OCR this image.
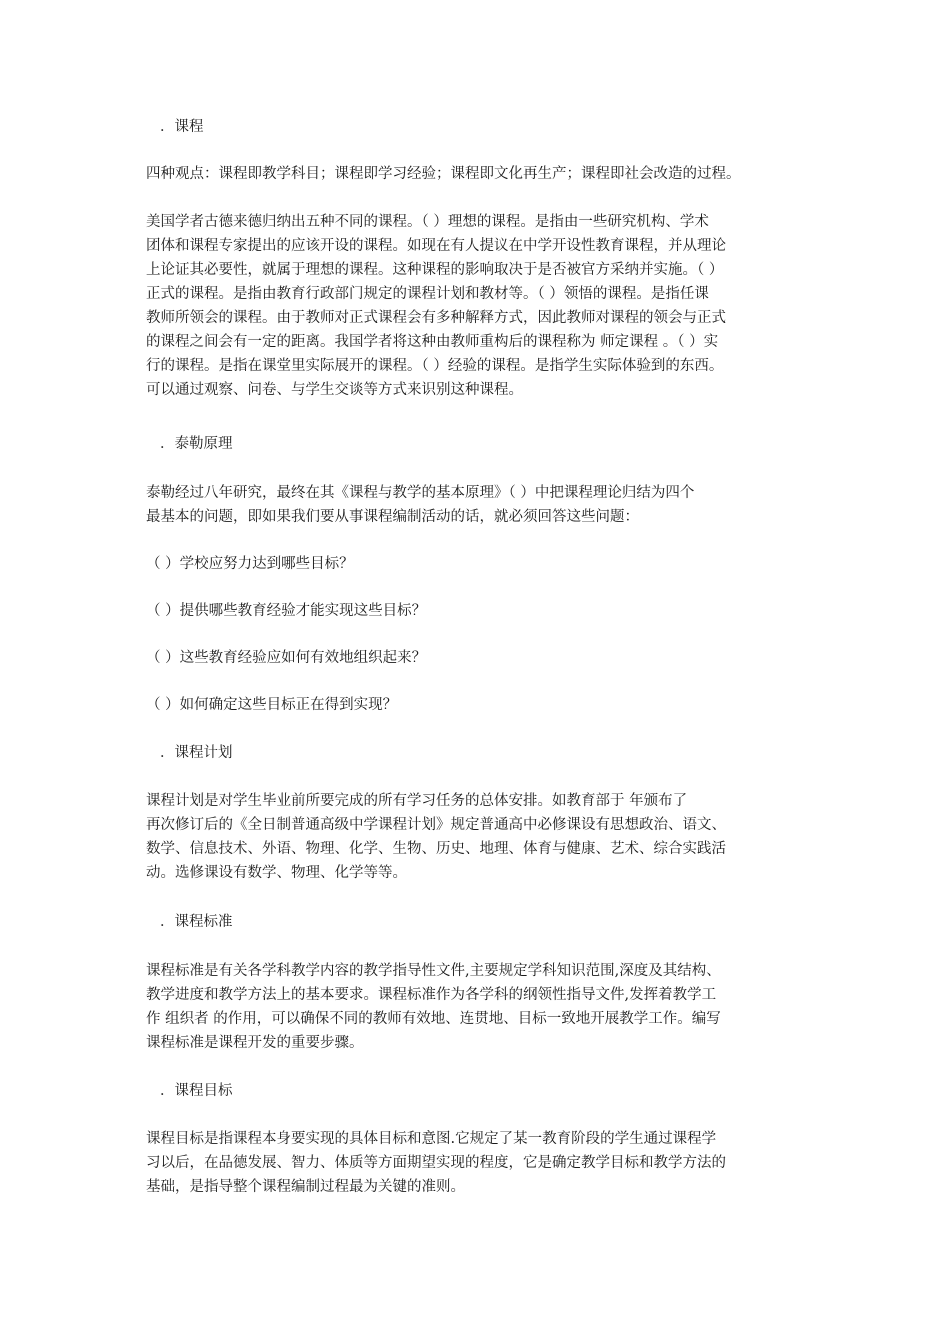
．课程

四种观点：课程即教学科目；课程即学习经验；课程即文化再生产；课程即社会改造的过程。

美国学者古德来德归纳出五种不同的课程。（ ）理想的课程。是指由一些研究机构、学术
团体和课程专家提出的应该开设的课程。如现在有人提议在中学开设性教育课程，并从理论
上论证其必要性，就属于理想的课程。这种课程的影响取决于是否被官方采纳并实施。（ ）
正式的课程。是指由教育行政部门规定的课程计划和教材等。（ ）领悟的课程。是指任课
教师所领会的课程。由于教师对正式课程会有多种解释方式，因此教师对课程的领会与正式
的课程之间会有一定的距离。我国学者将这种由教师重构后的课程称为 师定课程 。（ ）实
行的课程。是指在课堂里实际展开的课程。（ ）经验的课程。是指学生实际体验到的东西。
可以通过观察、问卷、与学生交谈等方式来识别这种课程。

．泰勒原理

泰勒经过八年研究，最终在其《课程与教学的基本原理》（ ）中把课程理论归结为四个
最基本的问题，即如果我们要从事课程编制活动的话，就必须回答这些问题：

（ ）学校应努力达到哪些目标？

（ ）提供哪些教育经验才能实现这些目标？

（ ）这些教育经验应如何有效地组织起来？

（ ）如何确定这些目标正在得到实现？

．课程计划

课程计划是对学生毕业前所要完成的所有学习任务的总体安排。如教育部于 年颁布了
再次修订后的《全日制普通高级中学课程计划》规定普通高中必修课设有思想政治、语文、
数学、信息技术、外语、物理、化学、生物、历史、地理、体育与健康、艺术、综合实践活
动。选修课设有数学、物理、化学等等。

．课程标准

课程标准是有关各学科教学内容的教学指导性文件,主要规定学科知识范围,深度及其结构、
教学进度和教学方法上的基本要求。课程标准作为各学科的纲领性指导文件,发挥着教学工
作 组织者 的作用，可以确保不同的教师有效地、连贯地、目标一致地开展教学工作。编写
课程标准是课程开发的重要步骤。

．课程目标

课程目标是指课程本身要实现的具体目标和意图.它规定了某一教育阶段的学生通过课程学
习以后，在品德发展、智力、体质等方面期望实现的程度，它是确定教学目标和教学方法的
基础，是指导整个课程编制过程最为关键的准则。
